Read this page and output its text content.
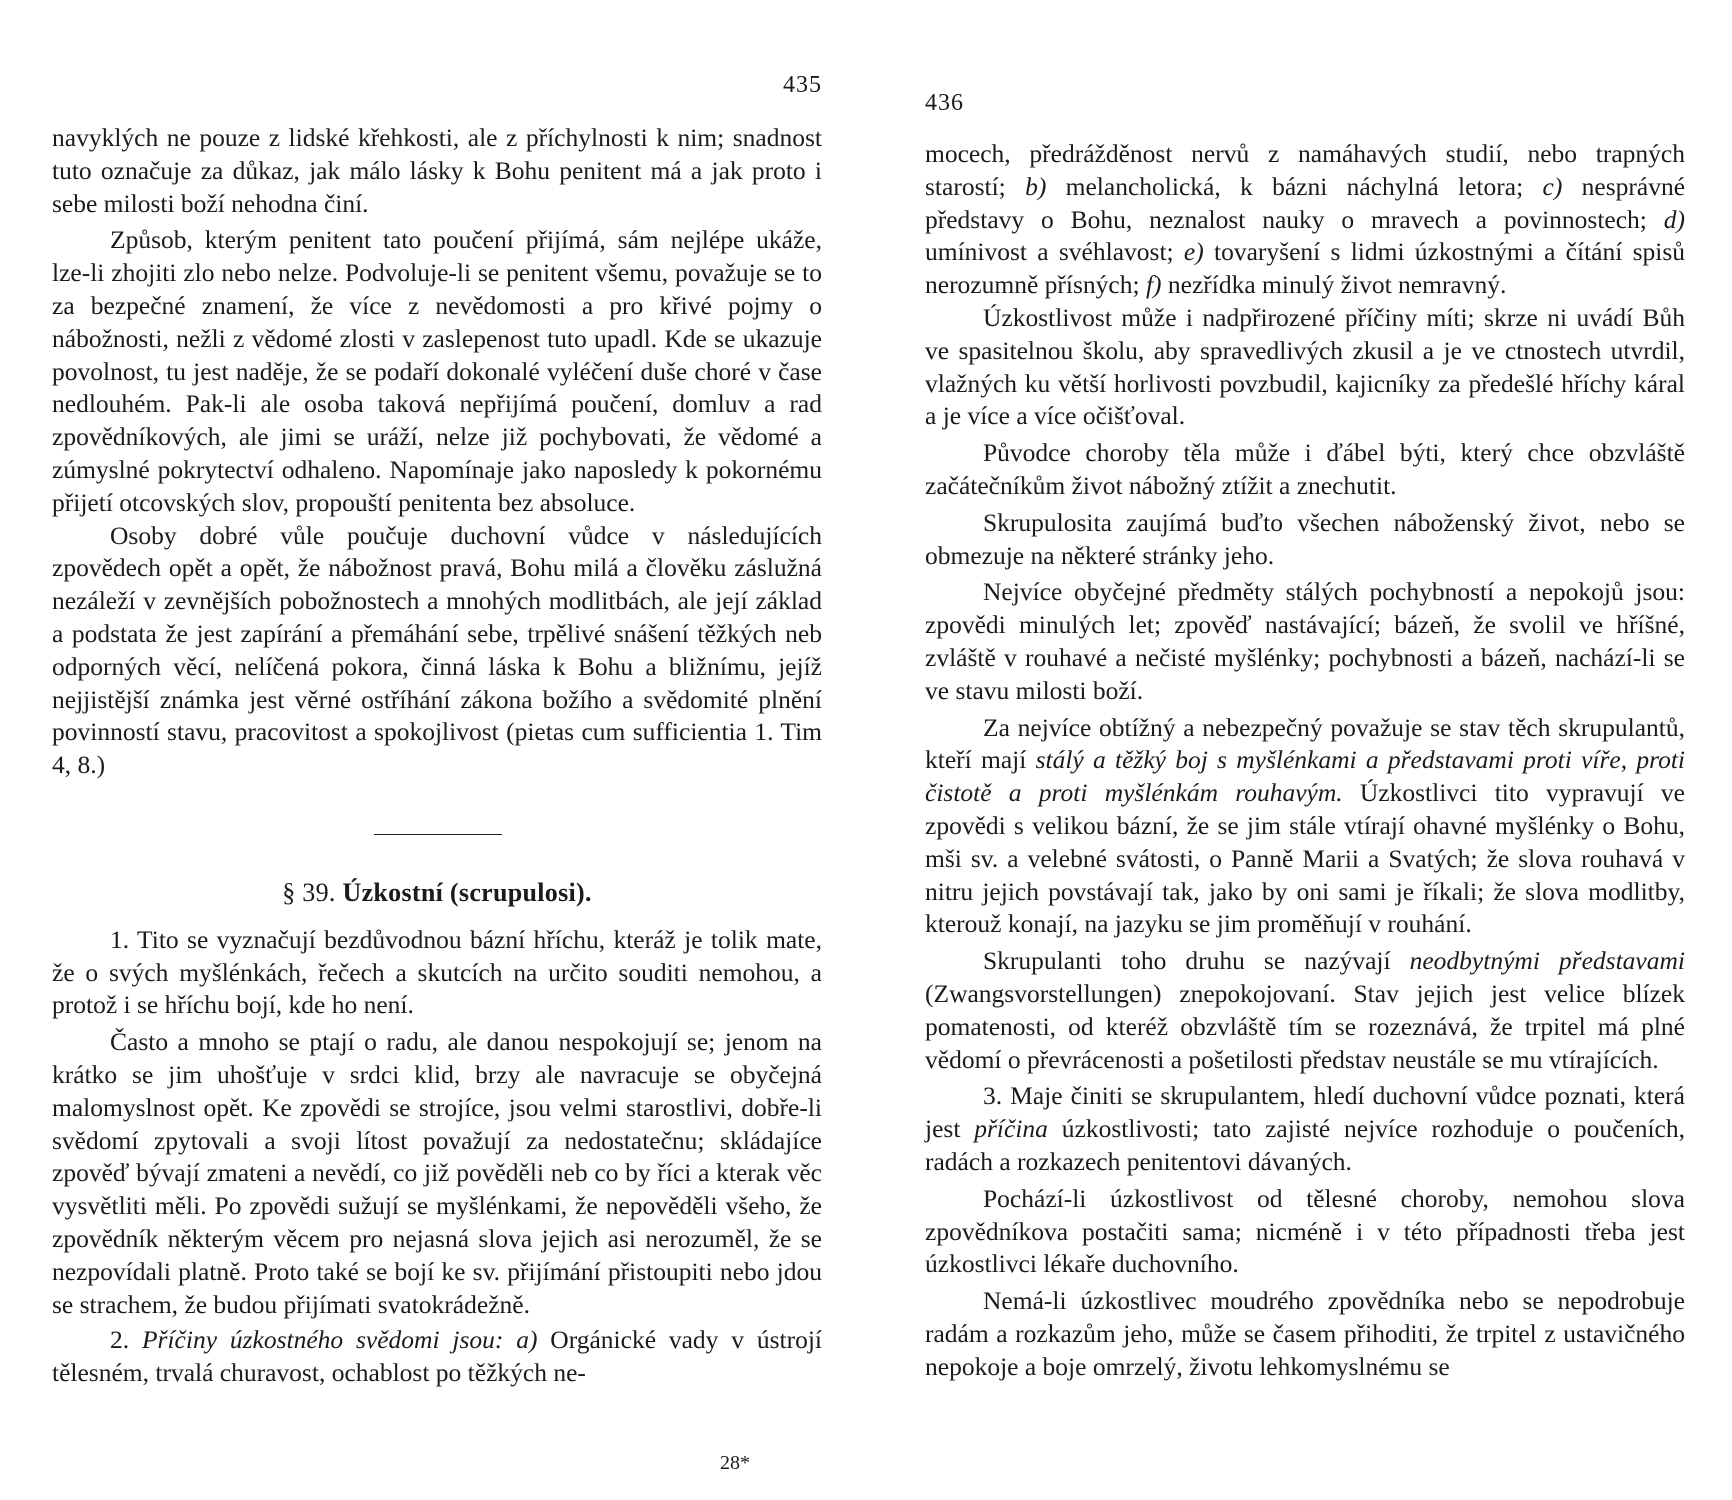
435

navyklých ne pouze z lidské křehkosti, ale z příchylnosti k nim; snadnost tuto označuje za důkaz, jak málo lásky k Bohu penitent má a jak proto i sebe milosti boží nehodna činí.

Způsob, kterým penitent tato poučení přijímá, sám nejlépe ukáže, lze-li zhojiti zlo nebo nelze. Podvoluje-li se penitent všemu, považuje se to za bezpečné znamení, že více z nevědomosti a pro křivé pojmy o nábožnosti, nežli z vědomé zlosti v zaslepenost tuto upadl. Kde se ukazuje povolnost, tu jest naděje, že se podaří dokonalé vyléčení duše choré v čase nedlouhém. Pak-li ale osoba taková nepřijímá poučení, domluv a rad zpovědníkových, ale jimi se uráží, nelze již pochybovati, že vědomé a zúmyslné pokrytectví odhaleno. Napomínaje jako naposledy k pokornému přijetí otcovských slov, propouští penitenta bez absoluce.

Osoby dobré vůle poučuje duchovní vůdce v následujících zpovědech opět a opět, že nábožnost pravá, Bohu milá a člověku záslužná nezáleží v zevnějších pobožnostech a mnohých modlitbách, ale její základ a podstata že jest zapírání a přemáhání sebe, trpělivé snášení těžkých neb odporných věcí, nelíčená pokora, činná láska k Bohu a bližnímu, jejíž nejjistější známka jest věrné ostříhání zákona božího a svědomité plnění povinností stavu, pracovitost a spokojlivost (pietas cum sufficientia 1. Tim 4, 8.)

§ 39. Úzkostní (scrupulosi).

1. Tito se vyznačují bezdůvodnou bázní hříchu, kteráž je tolik mate, že o svých myšlénkách, řečech a skutcích na určito souditi nemohou, a protož i se hříchu bojí, kde ho není.

Často a mnoho se ptají o radu, ale danou nespokojují se; jenom na krátko se jim uhošťuje v srdci klid, brzy ale navracuje se obyčejná malomyslnost opět. Ke zpovědi se strojíce, jsou velmi starostlivi, dobře-li svědomí zpytovali a svoji lítost považují za nedostatečnu; skládajíce zpověď bývají zmateni a nevědí, co již pověděli neb co by říci a kterak věc vysvětliti měli. Po zpovědi sužují se myšlénkami, že nepověděli všeho, že zpovědník některým věcem pro nejasná slova jejich asi nerozuměl, že se nezpovídali platně. Proto také se bojí ke sv. přijímání přistoupiti nebo jdou se strachem, že budou přijímati svatokrádežně.

2. Příčiny úzkostného svědomi jsou: a) Orgánické vady v ústrojí tělesném, trvalá churavost, ochablost po těžkých ne-

28*
436

mocech, předrážděnost nervů z namáhavých studií, nebo trapných starostí; b) melancholická, k bázni náchylná letora; c) nesprávné představy o Bohu, neznalost nauky o mravech a povinnostech; d) umínivost a svéhlavost; e) tovaryšení s lidmi úzkostnými a čítání spisů nerozumně přísných; f) nezřídka minulý život nemravný.

Úzkostlivost může i nadpřirozené příčiny míti; skrze ni uvádí Bůh ve spasitelnou školu, aby spravedlivých zkusil a je ve ctnostech utvrdil, vlažných ku větší horlivosti povzbudil, kajicníky za předešlé hříchy káral a je více a více očišťoval.

Původce choroby těla může i ďábel býti, který chce obzvláště začátečníkům život nábožný ztížit a znechutit.

Skrupulosita zaujímá buďto všechen náboženský život, nebo se obmezuje na některé stránky jeho.

Nejvíce obyčejné předměty stálých pochybností a nepokojů jsou: zpovědi minulých let; zpověď nastávající; bázeň, že svolil ve hříšné, zvláště v rouhavé a nečisté myšlénky; pochybnosti a bázeň, nachází-li se ve stavu milosti boží.

Za nejvíce obtížný a nebezpečný považuje se stav těch skrupulantů, kteří mají stálý a těžký boj s myšlénkami a představami proti víře, proti čistotě a proti myšlénkám rouhavým. Úzkostlivci tito vypravují ve zpovědi s velikou bázní, že se jim stále vtírají ohavné myšlénky o Bohu, mši sv. a velebné svátosti, o Panně Marii a Svatých; že slova rouhavá v nitru jejich povstávají tak, jako by oni sami je říkali; že slova modlitby, kterouž konají, na jazyku se jim proměňují v rouhání.

Skrupulanti toho druhu se nazývají neodbytnými představami (Zwangsvorstellungen) znepokojovaní. Stav jejich jest velice blízek pomatenosti, od kteréž obzvláště tím se rozeznává, že trpitel má plné vědomí o převrácenosti a pošetilosti představ neustále se mu vtírajících.

3. Maje činiti se skrupulantem, hledí duchovní vůdce poznati, která jest příčina úzkostlivosti; tato zajisté nejvíce rozhoduje o poučeních, radách a rozkazech penitentovi dávaných.

Pochází-li úzkostlivost od tělesné choroby, nemohou slova zpovědníkova postačiti sama; nicméně i v této případnosti třeba jest úzkostlivci lékaře duchovního.

Nemá-li úzkostlivec moudrého zpovědníka nebo se nepodrobuje radám a rozkazům jeho, může se časem přihoditi, že trpitel z ustavičného nepokoje a boje omrzelý, životu lehkomyslnému se
